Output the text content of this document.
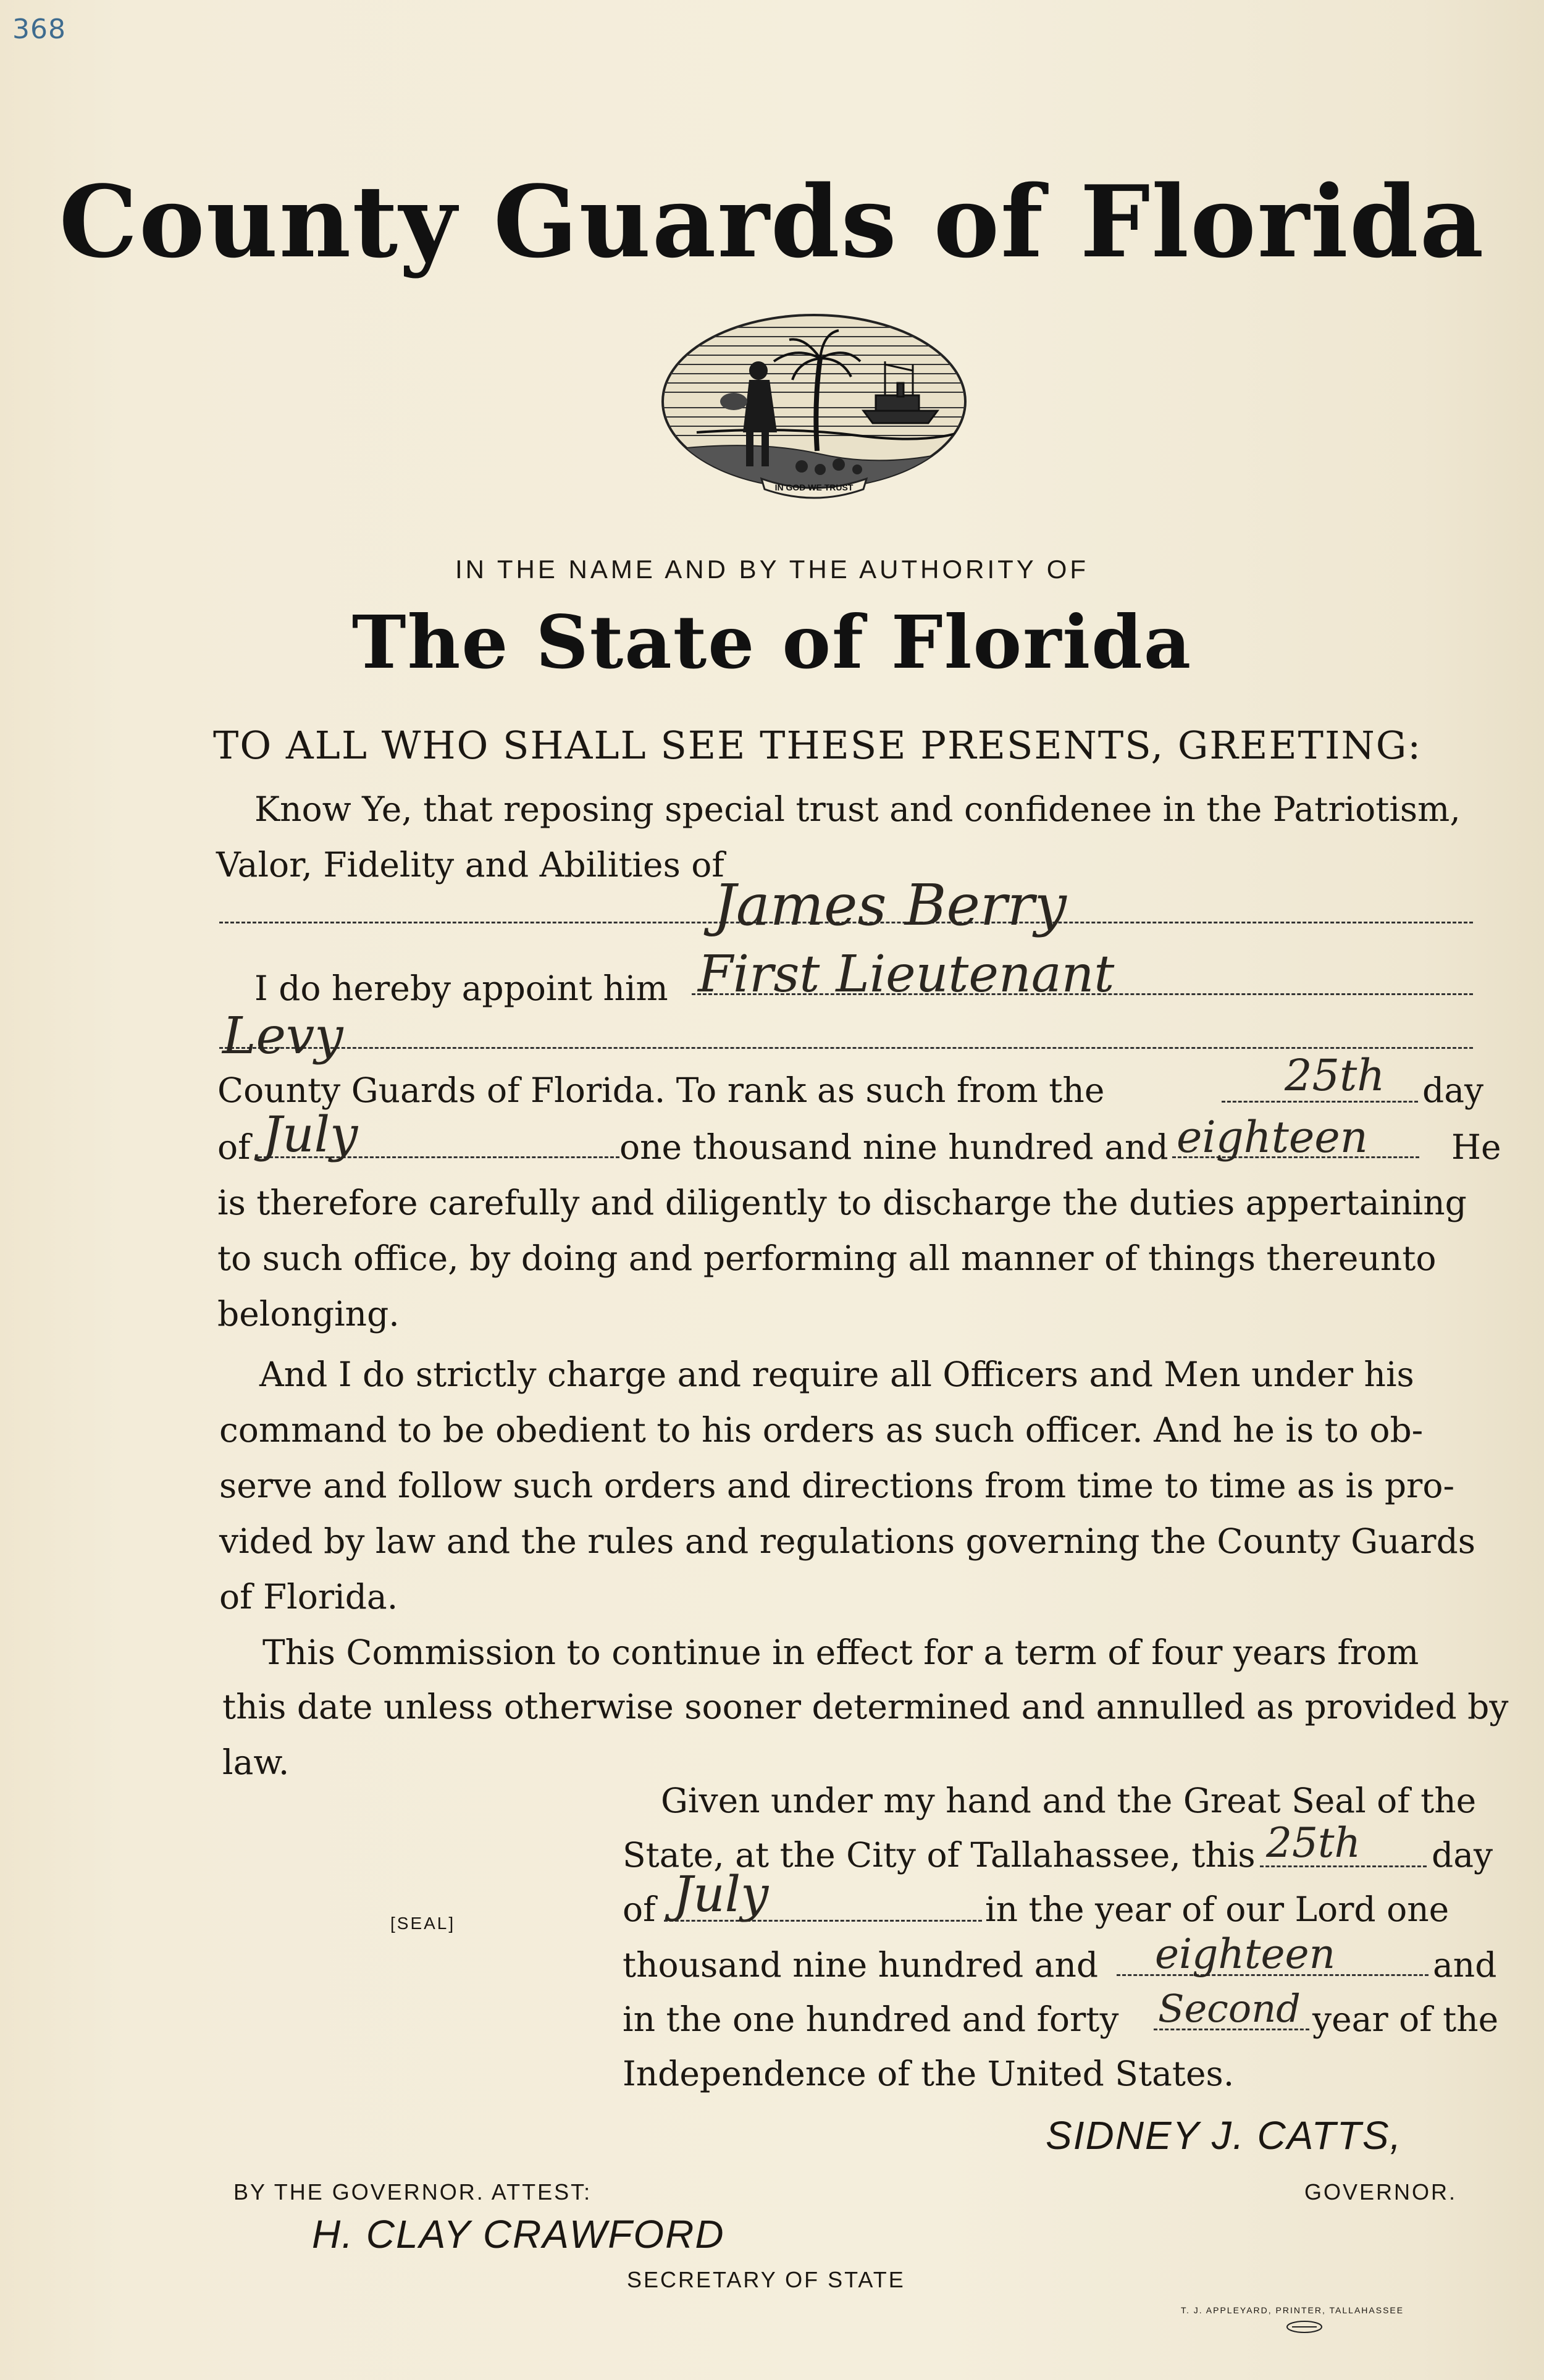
368
County Guards of Florida
IN GOD WE TRUST
IN THE NAME AND BY THE AUTHORITY OF
The State of Florida
TO ALL WHO SHALL SEE THESE PRESENTS, GREETING:
Know Ye, that reposing special trust and confidenee in the Patriotism,
Valor, Fidelity and Abilities of
James Berry
I do hereby appoint him First Lieutenant
Levy
County Guards of Florida. To rank as such from the	25th day
of July	one thousand nine hundred and eighteen He
is therefore carefully and diligently to discharge the duties appertaining
to such office, by doing and performing all manner of things thereunto
belonging.
And I do strictly charge and require all Officers and Men under his
command to be obedient to his orders as such officer. And he is to ob-
serve and follow such orders and directions from time to time as is pro-
vided by law and the rules and regulations governing the County Guards
of Florida.
This Commission to continue in effect for a term of four years from
this date unless otherwise sooner determined and annulled as provided by
law.
Given under my hand and the Great Seal of the
State, at the City of Tallahassee, this 25th day
of July	in the year of our Lord one
[SEAL]
thousand nine hundred and eighteen	and
in the one hundred and forty Second year of the
Independence of the United States.
SIDNEY J. CATTS,
GOVERNOR.
BY THE GOVERNOR. ATTEST:
H. CLAY CRAWFORD
SECRETARY OF STATE
T. J. APPLEYARD, PRINTER, TALLAHASSEE
